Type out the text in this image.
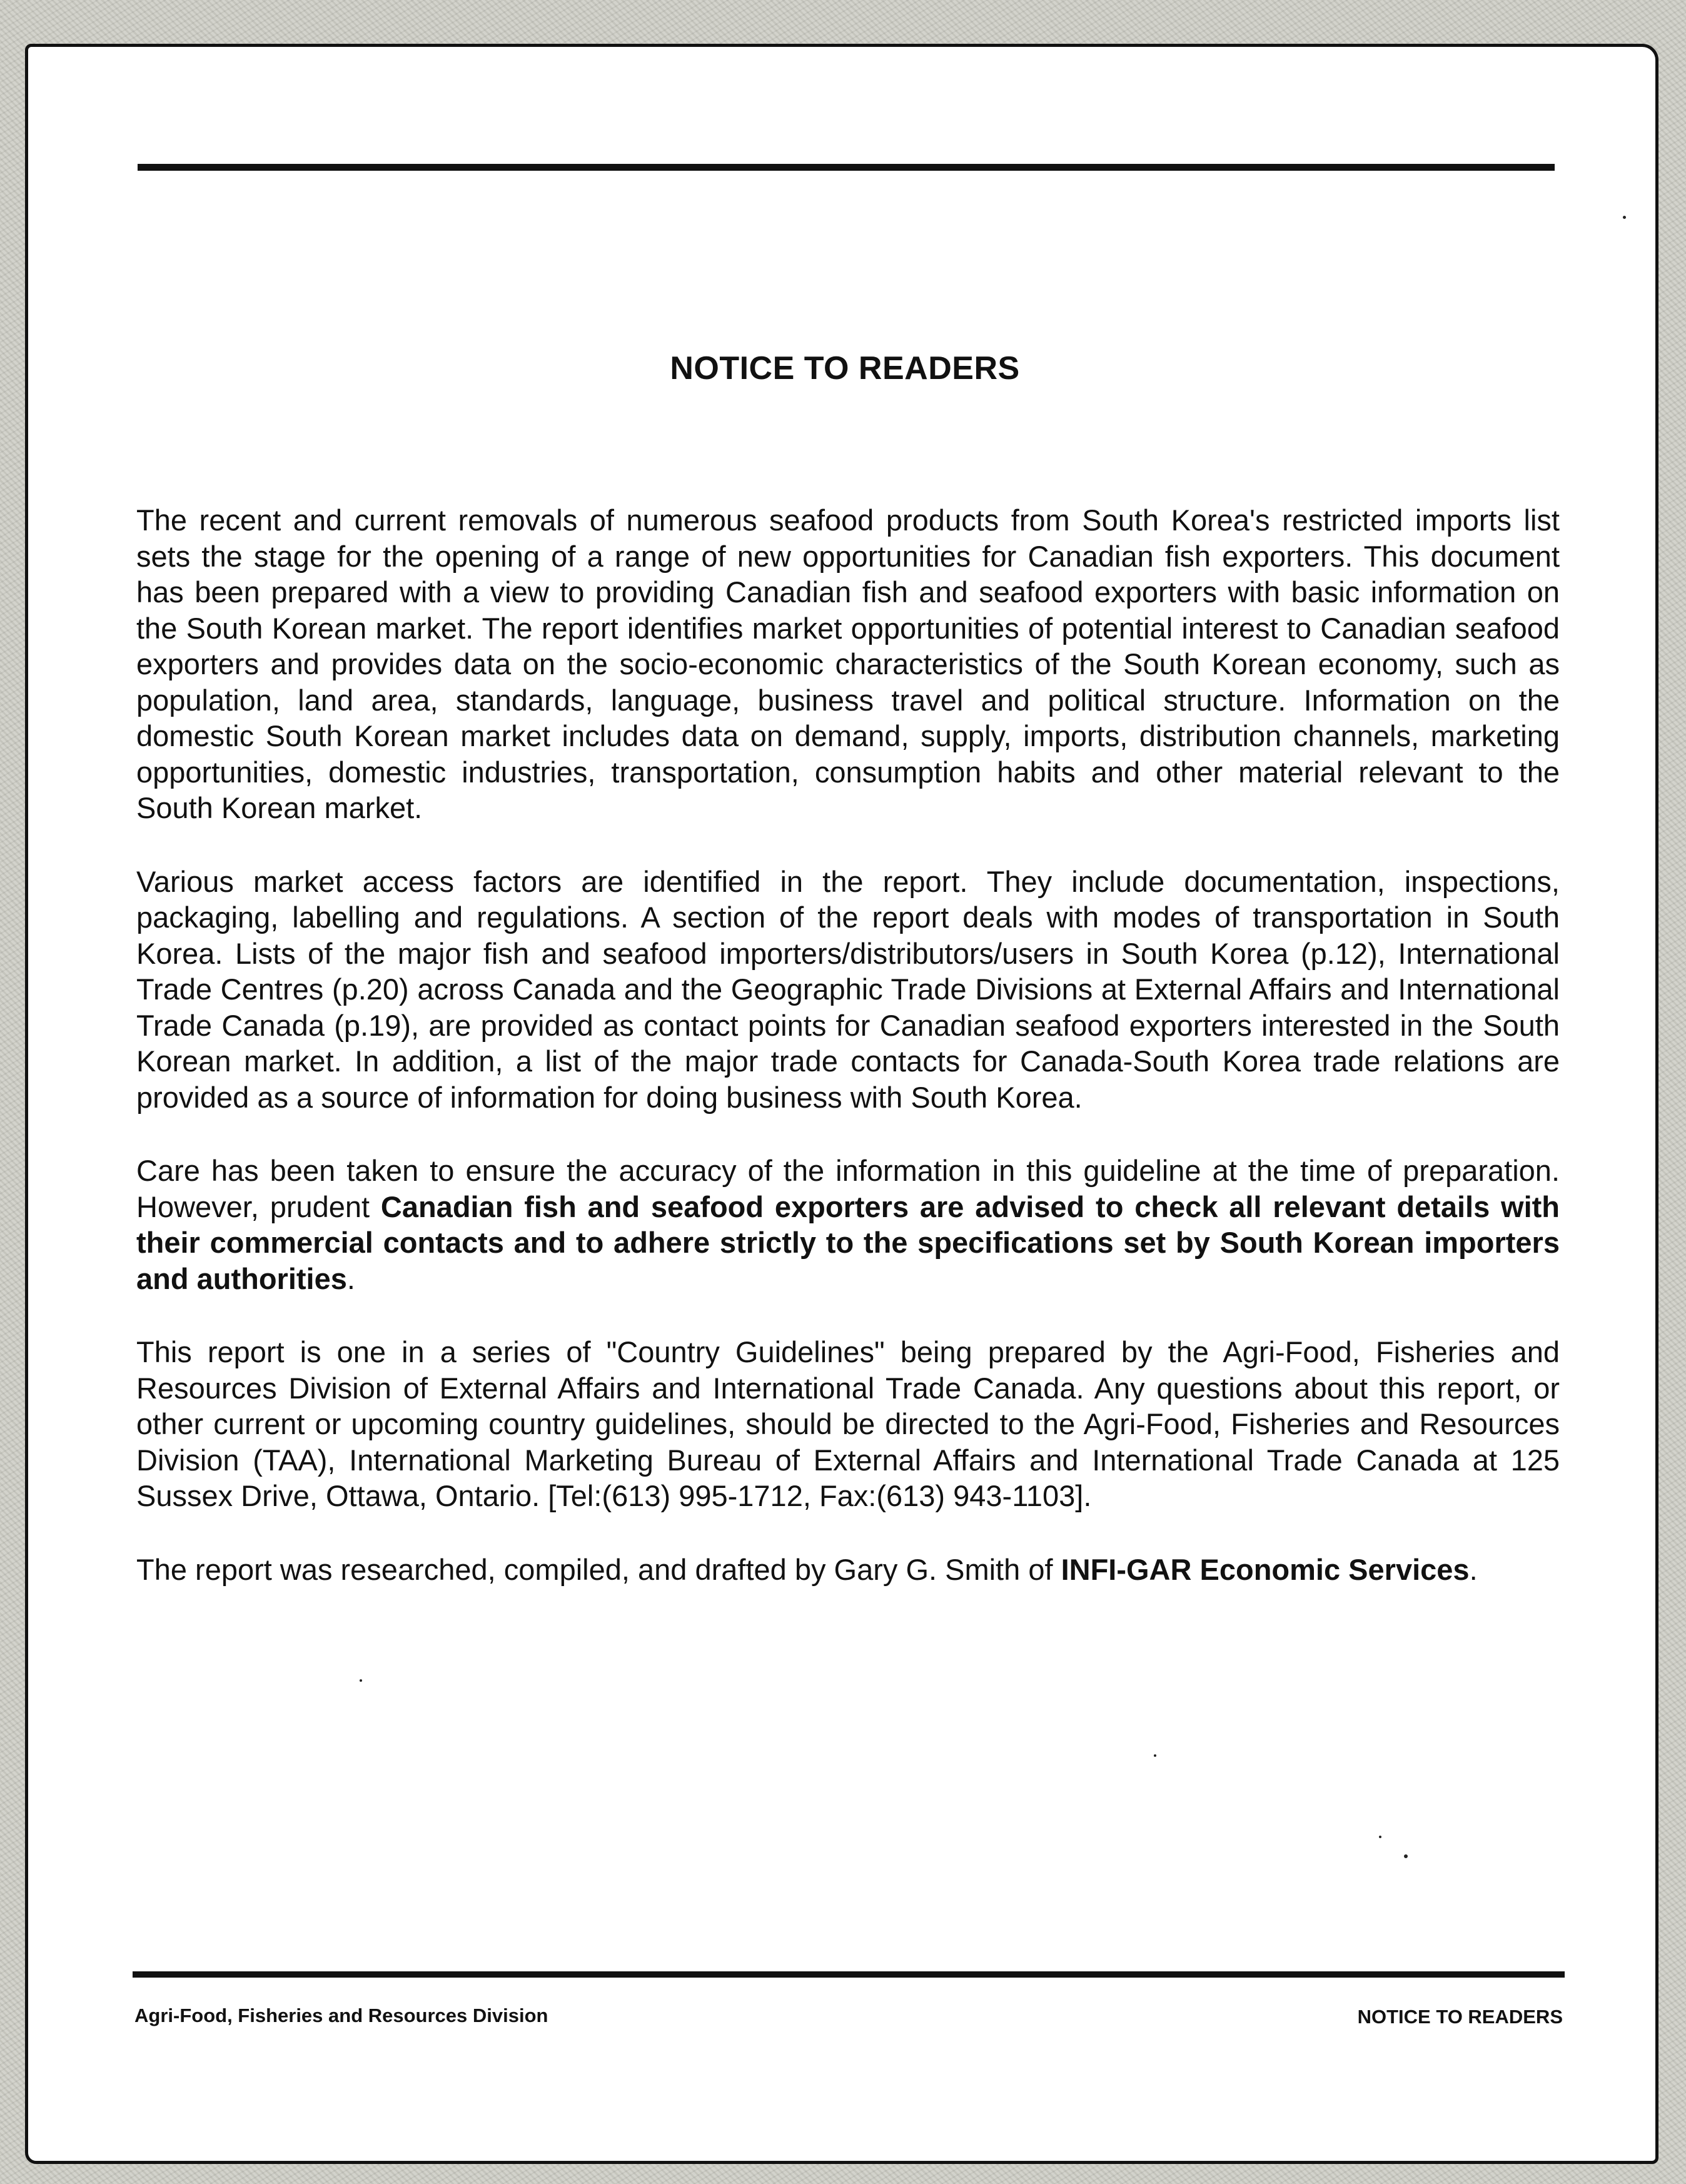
NOTICE TO READERS

The recent and current removals of numerous seafood products from South Korea's restricted imports list sets the stage for the opening of a range of new opportunities for Canadian fish exporters. This document has been prepared with a view to providing Canadian fish and seafood exporters with basic information on the South Korean market. The report identifies market opportunities of potential interest to Canadian seafood exporters and provides data on the socio-economic characteristics of the South Korean economy, such as population, land area, standards, language, business travel and political structure. Information on the domestic South Korean market includes data on demand, supply, imports, distribution channels, marketing opportunities, domestic industries, transportation, consumption habits and other material relevant to the South Korean market.

Various market access factors are identified in the report. They include documentation, inspections, packaging, labelling and regulations. A section of the report deals with modes of transportation in South Korea. Lists of the major fish and seafood importers/distributors/users in South Korea (p.12), International Trade Centres (p.20) across Canada and the Geographic Trade Divisions at External Affairs and International Trade Canada (p.19), are provided as contact points for Canadian seafood exporters interested in the South Korean market. In addition, a list of the major trade contacts for Canada-South Korea trade relations are provided as a source of information for doing business with South Korea.

Care has been taken to ensure the accuracy of the information in this guideline at the time of preparation. However, prudent Canadian fish and seafood exporters are advised to check all relevant details with their commercial contacts and to adhere strictly to the specifications set by South Korean importers and authorities.

This report is one in a series of "Country Guidelines" being prepared by the Agri-Food, Fisheries and Resources Division of External Affairs and International Trade Canada. Any questions about this report, or other current or upcoming country guidelines, should be directed to the Agri-Food, Fisheries and Resources Division (TAA), International Marketing Bureau of External Affairs and International Trade Canada at 125 Sussex Drive, Ottawa, Ontario. [Tel:(613) 995-1712, Fax:(613) 943-1103].

The report was researched, compiled, and drafted by Gary G. Smith of INFI-GAR Economic Services.

Agri-Food, Fisheries and Resources Division	NOTICE TO READERS
